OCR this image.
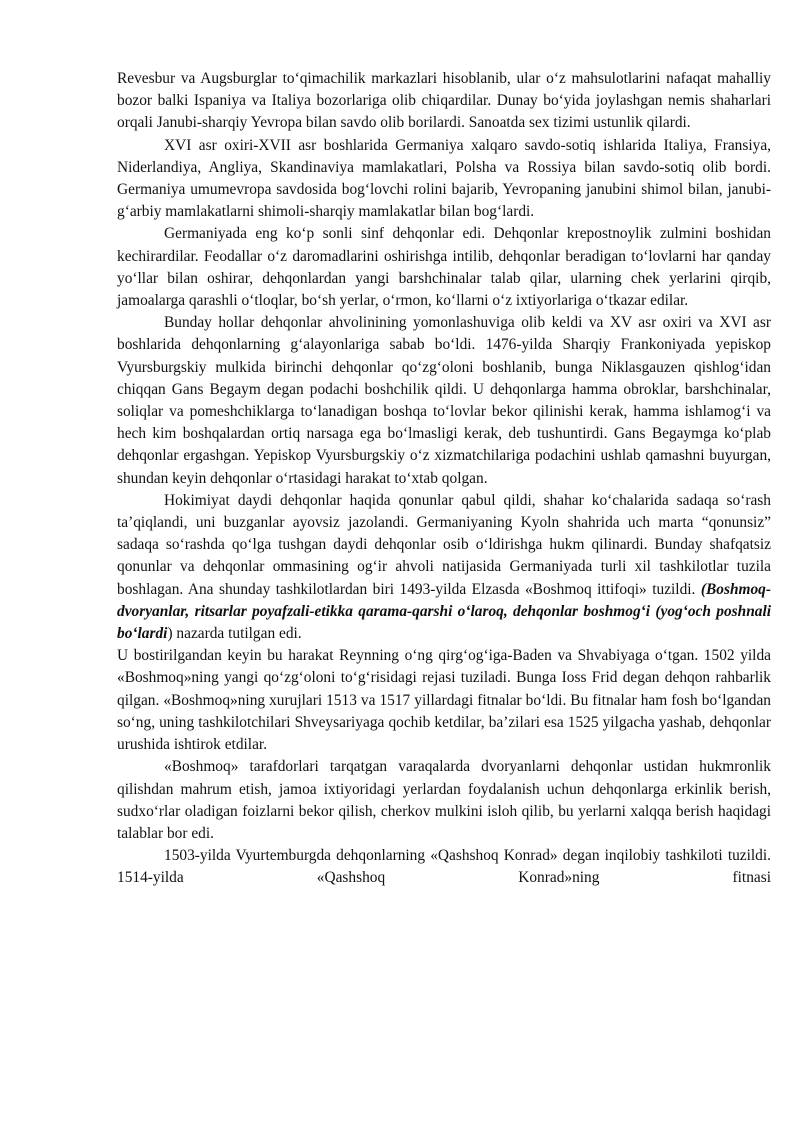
Revesbur va Augsburglar to‘qimachilik markazlari hisoblanib, ular o‘z mahsulotlarini nafaqat mahalliy bozor balki Ispaniya va Italiya bozorlariga olib chiqardilar. Dunay bo‘yida joylashgan nemis shaharlari orqali Janubi-sharqiy Yevropa bilan savdo olib borilardi. Sanoatda sex tizimi ustunlik qilardi.

XVI asr oxiri-XVII asr boshlarida Germaniya xalqaro savdo-sotiq ishlarida Italiya, Fransiya, Niderlandiya, Angliya, Skandinaviya mamlakatlari, Polsha va Rossiya bilan savdo-sotiq olib bordi. Germaniya umumevropa savdosida bog‘lovchi rolini bajarib, Yevropaning janubini shimol bilan, janubi-g‘arbiy mamlakatlarni shimoli-sharqiy mamlakatlar bilan bog‘lardi.

Germaniyada eng ko‘p sonli sinf dehqonlar edi. Dehqonlar krepostnoylik zulmini boshidan kechirardilar. Feodallar o‘z daromadlarini oshirishga intilib, dehqonlar beradigan to‘lovlarni har qanday yo‘llar bilan oshirar, dehqonlardan yangi barshchinalar talab qilar, ularning chek yerlarini qirqib, jamoalarga qarashli o‘tloqlar, bo‘sh yerlar, o‘rmon, ko‘llarni o‘z ixtiyorlariga o‘tkazar edilar.

Bunday hollar dehqonlar ahvolinining yomonlashuviga olib keldi va XV asr oxiri va XVI asr boshlarida dehqonlarning g‘alayonlariga sabab bo‘ldi. 1476-yilda Sharqiy Frankoniyada yepiskop Vyursburgskiy mulkida birinchi dehqonlar qo‘zg‘oloni boshlanib, bunga Niklasgauzen qishlog‘idan chiqqan Gans Begaym degan podachi boshchilik qildi. U dehqonlarga hamma obroklar, barshchinalar, soliqlar va pomeshchiklarga to‘lanadigan boshqa to‘lovlar bekor qilinishi kerak, hamma ishlamog‘i va hech kim boshqalardan ortiq narsaga ega bo‘lmasligi kerak, deb tushuntirdi. Gans Begaymga ko‘plab dehqonlar ergashgan. Yepiskop Vyursburgskiy o‘z xizmatchilariga podachini ushlab qamashni buyurgan, shundan keyin dehqonlar o‘rtasidagi harakat to‘xtab qolgan.

Hokimiyat daydi dehqonlar haqida qonunlar qabul qildi, shahar ko‘chalarida sadaqa so‘rash ta’qiqlandi, uni buzganlar ayovsiz jazolandi. Germaniyaning Kyoln shahrida uch marta “qonunsiz” sadaqa so‘rashda qo‘lga tushgan daydi dehqonlar osib o‘ldirishga hukm qilinardi. Bunday shafqatsiz qonunlar va dehqonlar ommasining og‘ir ahvoli natijasida Germaniyada turli xil tashkilotlar tuzila boshlagan. Ana shunday tashkilotlardan biri 1493-yilda Elzasda «Boshmoq ittifoqi» tuzildi. (Boshmoq-dvoryanlar, ritsarlar poyafzali-etikka qarama-qarshi o‘laroq, dehqonlar boshmog‘i (yog‘och poshnali bo‘lardi) nazarda tutilgan edi.

U bostirilgandan keyin bu harakat Reynning o‘ng qirg‘og‘iga-Baden va Shvabiyaga o‘tgan. 1502 yilda «Boshmoq»ning yangi qo‘zg‘oloni to‘g‘risidagi rejasi tuziladi. Bunga Ioss Frid degan dehqon rahbarlik qilgan. «Boshmoq»ning xurujlari 1513 va 1517 yillardagi fitnalar bo‘ldi. Bu fitnalar ham fosh bo‘lgandan so‘ng, uning tashkilotchilari Shveysariyaga qochib ketdilar, ba’zilari esa 1525 yilgacha yashab, dehqonlar urushida ishtirok etdilar.

«Boshmoq» tarafdorlari tarqatgan varaqalarda dvoryanlarni dehqonlar ustidan hukmronlik qilishdan mahrum etish, jamoa ixtiyoridagi yerlardan foydalanish uchun dehqonlarga erkinlik berish, sudxo‘rlar oladigan foizlarni bekor qilish, cherkov mulkini isloh qilib, bu yerlarni xalqqa berish haqidagi talablar bor edi.

1503-yilda Vyurtemburgda dehqonlarning «Qashshoq Konrad» degan inqilobiy tashkiloti tuzildi. 1514-yilda «Qashshoq Konrad»ning fitnasi
